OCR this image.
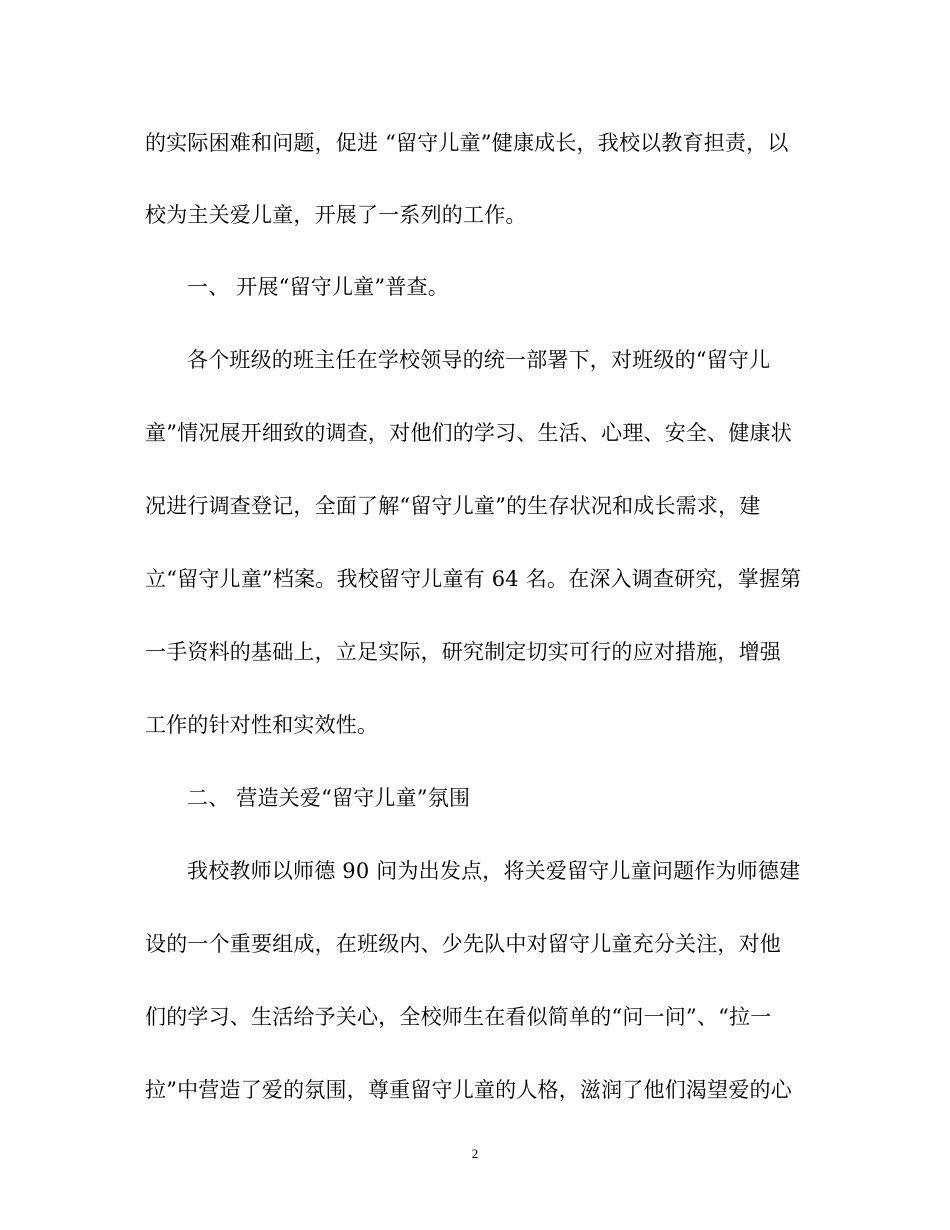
的实际困难和问题，促进 “留守儿童”健康成长，我校以教育担责，以
校为主关爱儿童，开展了一系列的工作。
一、 开展“留守儿童”普查。
各个班级的班主任在学校领导的统一部署下，对班级的“留守儿
童”情况展开细致的调查，对他们的学习、生活、心理、安全、健康状
况进行调查登记，全面了解“留守儿童”的生存状况和成长需求，建
立“留守儿童”档案。我校留守儿童有 64 名。在深入调查研究，掌握第
一手资料的基础上，立足实际，研究制定切实可行的应对措施，增强
工作的针对性和实效性。
二、 营造关爱“留守儿童”氛围
我校教师以师德 90 问为出发点，将关爱留守儿童问题作为师德建
设的一个重要组成，在班级内、少先队中对留守儿童充分关注，对他
们的学习、生活给予关心，全校师生在看似简单的“问一问”、“拉一
拉”中营造了爱的氛围，尊重留守儿童的人格，滋润了他们渴望爱的心
2
